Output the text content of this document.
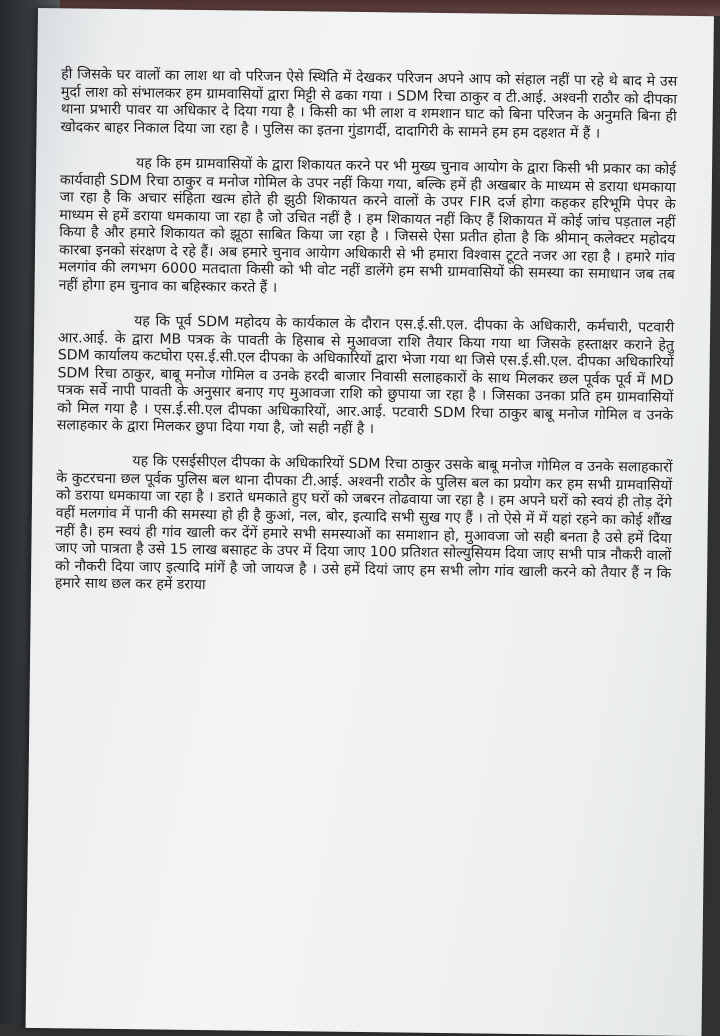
ही जिसके घर वालों का लाश था वो परिजन ऐसे स्थिति में देखकर परिजन अपने आप को संहाल नहीं पा रहे थे बाद मे उस मुर्दा लाश को संभालकर हम ग्रामवासियों द्वारा मिट्टी से ढका गया । SDM रिचा ठाकुर व टी.आई. अश्वनी राठौर को दीपका थाना प्रभारी पावर या अधिकार दे दिया गया है । किसी का भी लाश व शमशान घाट को बिना परिजन के अनुमति बिना ही खोदकर बाहर निकाल दिया जा रहा है । पुलिस का इतना गुंडागर्दी, दादागिरी के सामने हम हम दहशत में हैं ।

यह कि हम ग्रामवासियों के द्वारा शिकायत करने पर भी मुख्य चुनाव आयोग के द्वारा किसी भी प्रकार का कोई कार्यवाही SDM रिचा ठाकुर व मनोज गोमिल के उपर नहीं किया गया, बल्कि हमें ही अखबार के माध्यम से डराया धमकाया जा रहा है कि अचार संहिता खत्म होते ही झुठी शिकायत करने वालों के उपर FIR दर्ज होगा कहकर हरिभूमि पेपर के माध्यम से हमें डराया धमकाया जा रहा है जो उचित नहीं है । हम शिकायत नहीं किए हैं शिकायत में कोई जांच पड़ताल नहीं किया है और हमारे शिकायत को झूठा साबित किया जा रहा है । जिससे ऐसा प्रतीत होता है कि श्रीमान् कलेक्टर महोदय कारबा इनको संरक्षण दे रहे हैं। अब हमारे चुनाव आयेाग अधिकारी से भी हमारा विश्वास टूटते नजर आ रहा है । हमारे गांव मलगांव की लगभग 6000 मतदाता किसी को भी वोट नहीं डालेंगे हम सभी ग्रामवासियों की समस्या का समाधान जब तब नहीं होगा हम चुनाव का बहिस्कार करते हैं ।

यह कि पूर्व SDM महोदय के कार्यकाल के दौरान एस.ई.सी.एल. दीपका के अधिकारी, कर्मचारी, पटवारी आर.आई. के द्वारा MB पत्रक के पावती के हिसाब से मुआवजा राशि तैयार किया गया था जिसके हस्ताक्षर कराने हेतु SDM कार्यालय कटघोरा एस.ई.सी.एल दीपका के अधिकारियों द्वारा भेजा गया था जिसे एस.ई.सी.एल. दीपका अधिकारियों SDM रिचा ठाकुर, बाबू मनोज गोमिल व उनके हरदी बाजार निवासी सलाहकारों के साथ मिलकर छल पूर्वक पूर्व में MD पत्रक सर्वे नापी पावती के अनुसार बनाए गए मुआवजा राशि को छुपाया जा रहा है । जिसका उनका प्रति हम ग्रामवासियों को मिल गया है । एस.ई.सी.एल दीपका अधिकारियों, आर.आई. पटवारी SDM रिचा ठाकुर बाबू मनोज गोमिल व उनके सलाहकार के द्वारा मिलकर छुपा दिया गया है, जो सही नहीं है ।

यह कि एसईसीएल दीपका के अधिकारियों SDM रिचा ठाकुर उसके बाबू मनोज गोमिल व उनके सलाहकारों के कुटरचना छल पूर्वक पुलिस बल थाना दीपका टी.आई. अश्वनी राठौर के पुलिस बल का प्रयोग कर हम सभी ग्रामवासियों को डराया धमकाया जा रहा है । डराते धमकाते हुए घरों को जबरन तोढवाया जा रहा है । हम अपने घरों को स्वयं ही तोड़ देंगे वहीं मलगांव में पानी की समस्या हो ही है कुआं, नल, बोर, इत्यादि सभी सुख गए हैं । तो ऐसे में में यहां रहने का कोई शौंख नहीं है। हम स्वयं ही गांव खाली कर देंगें हमारे सभी समस्याओं का समाशान हो, मुआवजा जो सही बनता है उसे हमें दिया जाए जो पात्रता है उसे 15 लाख बसाहट के उपर में दिया जाए 100 प्रतिशत सोल्युसियम दिया जाए सभी पात्र नौकरी वालों को नौकरी दिया जाए इत्यादि मांगें है जो जायज है । उसे हमें दियां जाए हम सभी लोग गांव खाली करने को तैयार हैं न कि हमारे साथ छल कर हमें डराया
